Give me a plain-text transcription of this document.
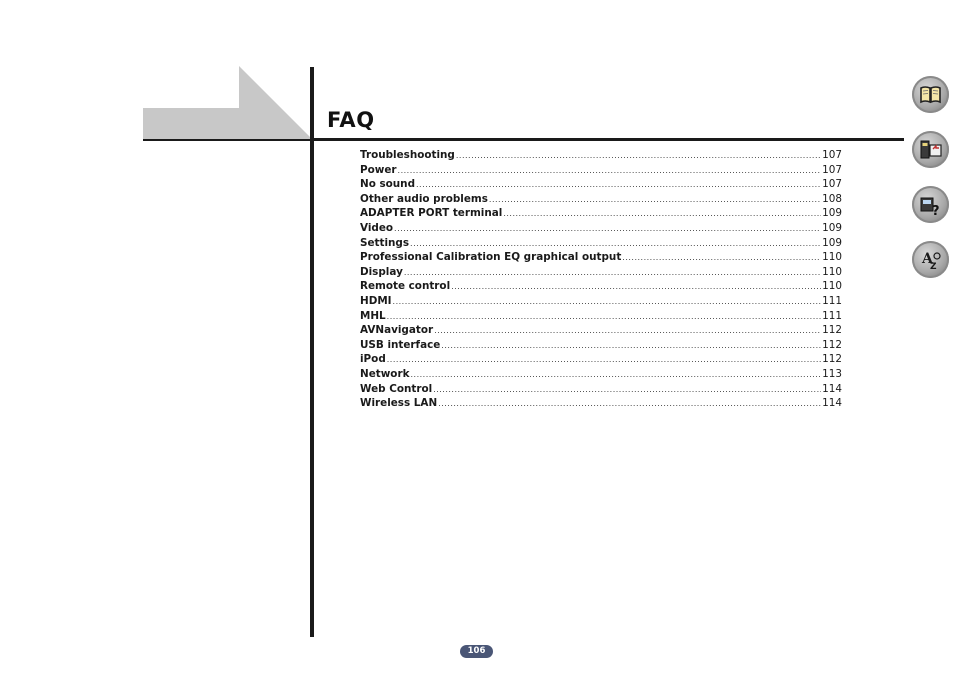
FAQ
Troubleshooting .....	107
Power .....	107
No sound .....	107
Other audio problems .....	108
ADAPTER PORT terminal .....	109
Video .....	109
Settings .....	109
Professional Calibration EQ graphical output .....	110
Display .....	110
Remote control .....	110
HDMI .....	111
MHL .....	111
AVNavigator .....	112
USB interface .....	112
iPod .....	112
Network .....	113
Web Control .....	114
Wireless LAN .....	114
?
A
Z
106
